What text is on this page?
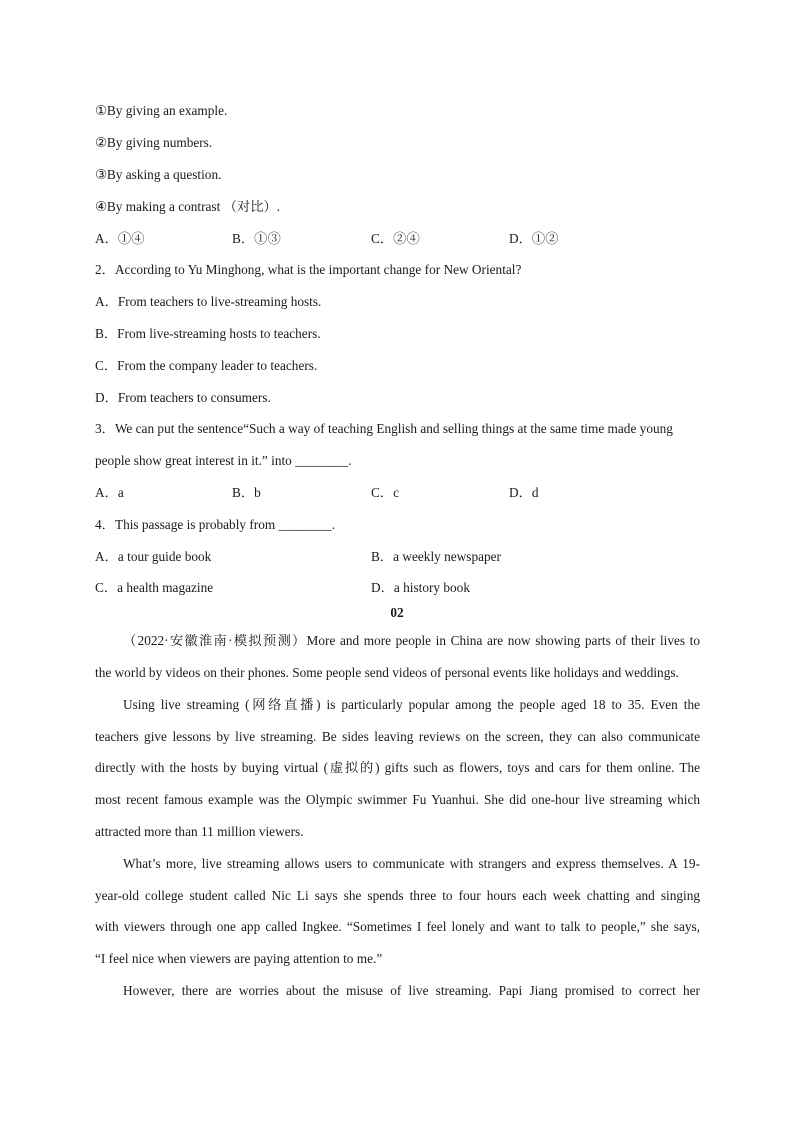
①By giving an example.
②By giving numbers.
③By asking a question.
④By making a contrast （对比）.
A．①④	B．①③	C．②④	D．①②
2．According to Yu Minghong, what is the important change for New Oriental?
A．From teachers to live-streaming hosts.
B．From live-streaming hosts to teachers.
C．From the company leader to teachers.
D．From teachers to consumers.
3．We can put the sentence“Such a way of teaching English and selling things at the same time made young
people show great interest in it.” into ________.
A．a	B．b	C．c	D．d
4．This passage is probably from ________.
A．a tour guide book	B．a weekly newspaper
C．a health magazine	D．a history book
02
（2022·安徽淮南·模拟预测）More and more people in China are now showing parts of their lives to
the world by videos on their phones. Some people send videos of personal events like holidays and weddings.
Using live streaming (网络直播) is particularly popular among the people aged 18 to 35. Even the
teachers give lessons by live streaming. Be sides leaving reviews on the screen, they can also communicate
directly with the hosts by buying virtual (虚拟的) gifts such as flowers, toys and cars for them online. The
most recent famous example was the Olympic swimmer Fu Yuanhui. She did one-hour live streaming which
attracted more than 11 million viewers.
What’s more, live streaming allows users to communicate with strangers and express themselves. A 19-
year-old college student called Nic Li says she spends three to four hours each week chatting and singing
with viewers through one app called Ingkee. “Sometimes I feel lonely and want to talk to people,” she says,
“I feel nice when viewers are paying attention to me.”
However, there are worries about the misuse of live streaming. Papi Jiang promised to correct her
